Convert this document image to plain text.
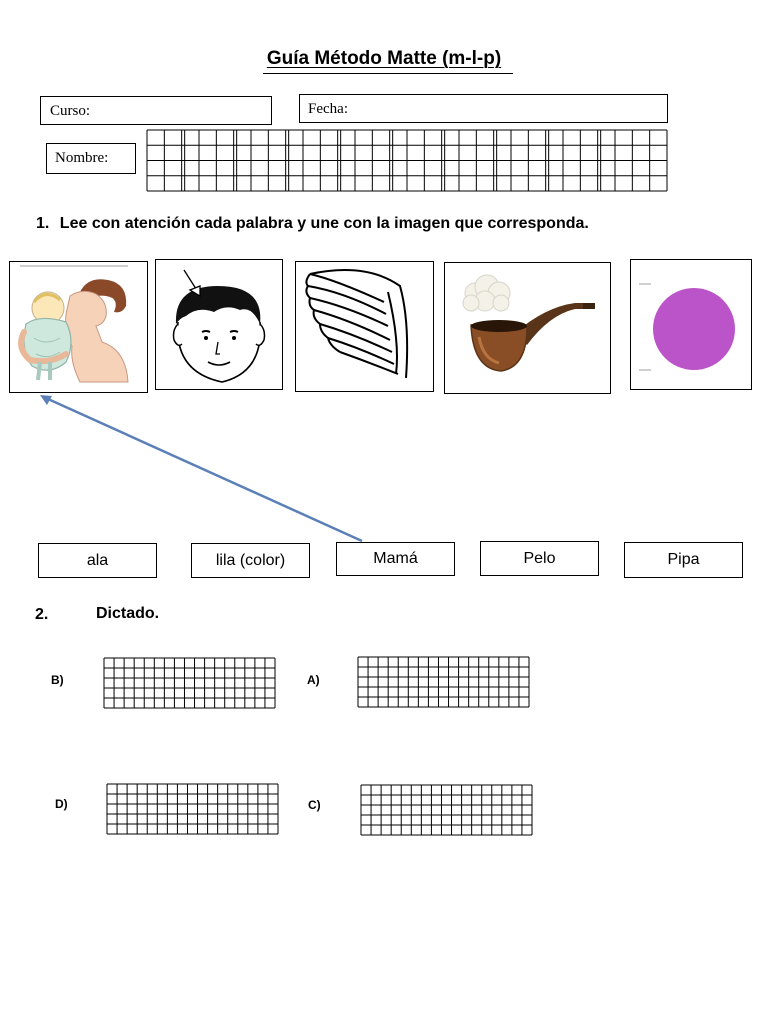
Guía Método Matte (m-l-p)
Curso:	Fecha:
Nombre:
1. Lee con atención cada palabra y une con la imagen que corresponda.
ala	lila (color)	Mamá	Pelo	Pipa
2.	Dictado.
B)	A)
D)	C)
